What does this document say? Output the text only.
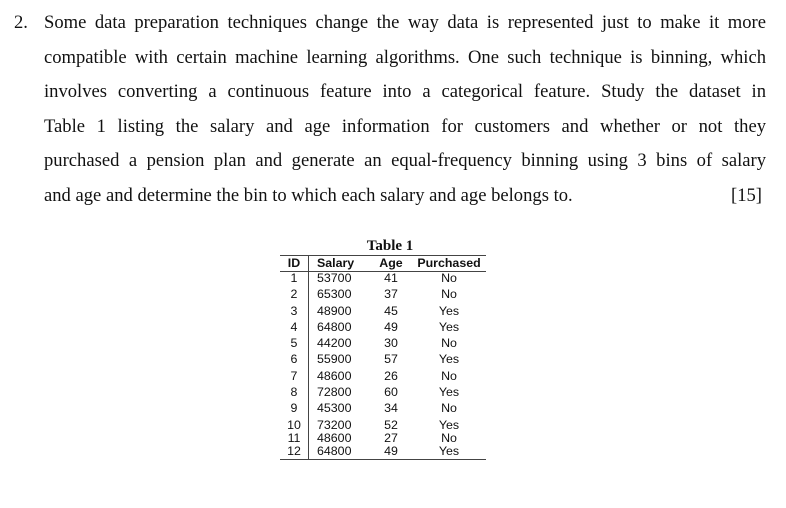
2. Some data preparation techniques change the way data is represented just to make it more
compatible with certain machine learning algorithms. One such technique is binning, which
involves converting a continuous feature into a categorical feature. Study the dataset in
Table 1 listing the salary and age information for customers and whether or not they
purchased a pension plan and generate an equal-frequency binning using 3 bins of salary
and age and determine the bin to which each salary and age belongs to.	[15]
Table 1
ID	Salary	Age	Purchased
1	53700	41	No
2	65300	37	No
3	48900	45	Yes
4	64800	49	Yes
5	44200	30	No
6	55900	57	Yes
7	48600	26	No
8	72800	60	Yes
9	45300	34	No
10	73200	52	Yes
11	48600	27	No
12	64800	49	Yes
